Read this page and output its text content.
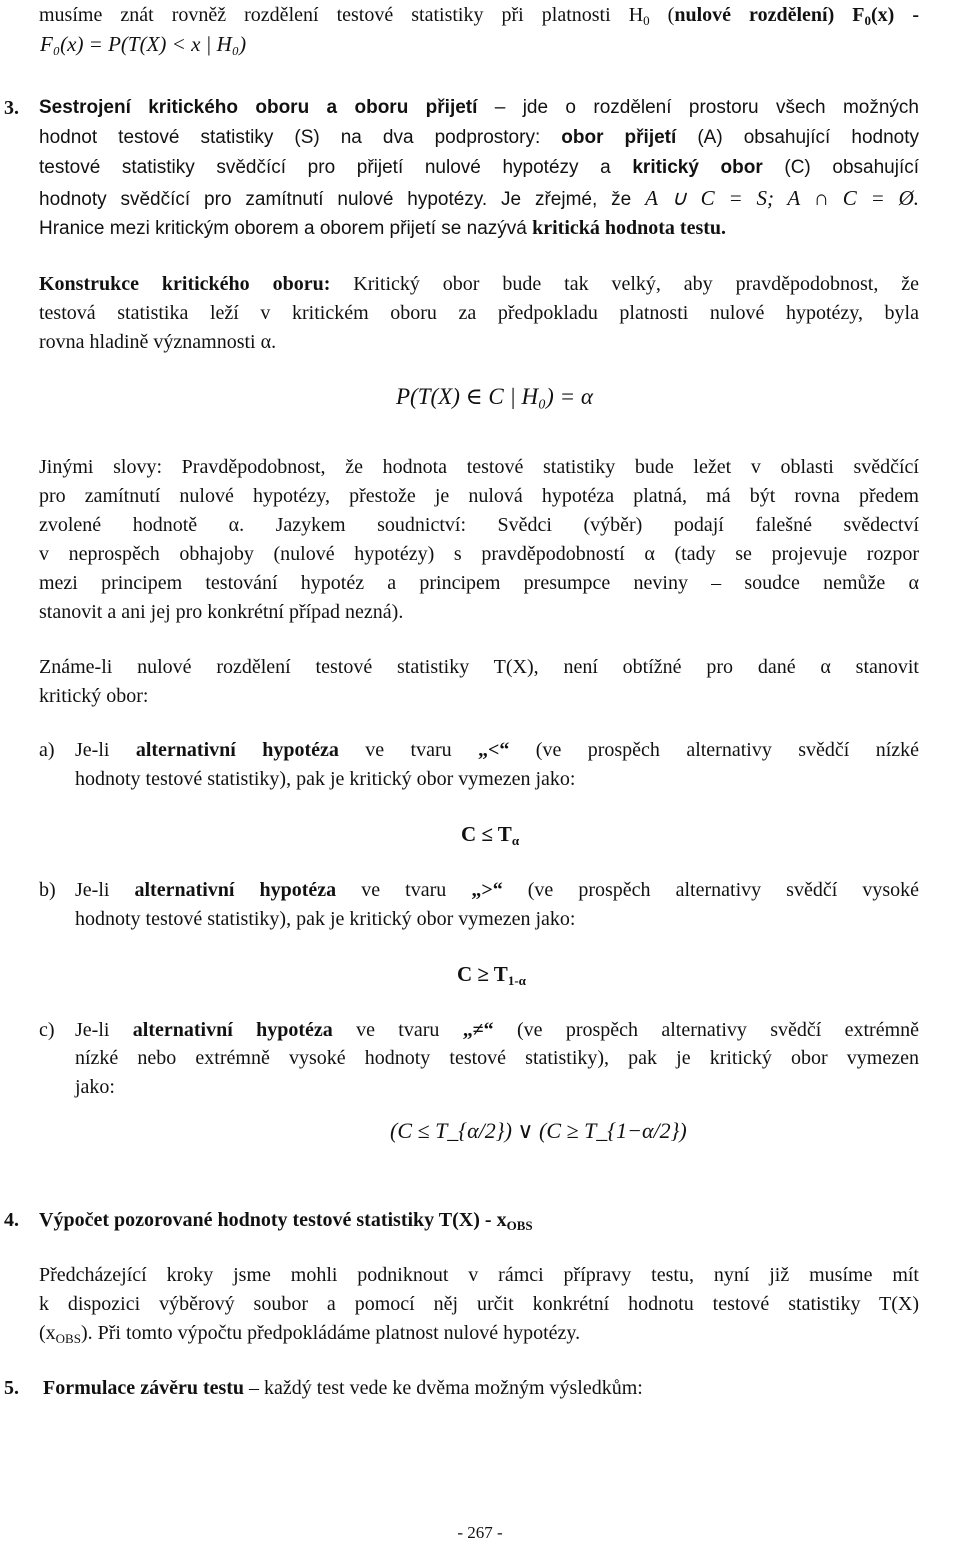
musíme znát rovněž rozdělení testové statistiky při platnosti $H_0$ (nulové rozdělení) $F_0(x)$ -
F₀(x) = P(T(X) < x | H₀)
3. Sestrojení kritického oboru a oboru přijetí – jde o rozdělení prostoru všech možných
hodnot testové statistiky (S) na dva podprostory: obor přijetí (A) obsahující hodnoty
testové statistiky svědčící pro přijetí nulové hypotézy a kritický obor (C) obsahující
hodnoty svědčící pro zamítnutí nulové hypotézy. Je zřejmé, že A ∪ C = S; A ∩ C = Ø.
Hranice mezi kritickým oborem a oborem přijetí se nazývá kritická hodnota testu.
Konstrukce kritického oboru: Kritický obor bude tak velký, aby pravděpodobnost, že
testová statistika leží v kritickém oboru za předpokladu platnosti nulové hypotézy, byla
rovna hladině významnosti α.
P(T(X) ∈ C | H₀) = α
Jinými slovy: Pravděpodobnost, že hodnota testové statistiky bude ležet v oblasti svědčící
pro zamítnutí nulové hypotézy, přestože je nulová hypotéza platná, má být rovna předem
zvolené hodnotě α. Jazykem soudnictví: Svědci (výběr) podají falešné svědectví
v neprospěch obhajoby (nulové hypotézy) s pravděpodobností α (tady se projevuje rozpor
mezi principem testování hypotéz a principem presumpce neviny – soudce nemůže α
stanovit a ani jej pro konkrétní případ nezná).
Známe-li nulové rozdělení testové statistiky T(X), není obtížné pro dané α stanovit
kritický obor:
a)	Je-li alternativní hypotéza ve tvaru „<“ (ve prospěch alternativy svědčí nízké
hodnoty testové statistiky), pak je kritický obor vymezen jako:
$C \le T_\alpha$
b) Je-li alternativní hypotéza ve tvaru „>“ (ve prospěch alternativy svědčí vysoké
hodnoty testové statistiky), pak je kritický obor vymezen jako:
$C \ge T_{1-\alpha}$
c)	Je-li alternativní hypotéza ve tvaru „≠“ (ve prospěch alternativy svědčí extrémně
nízké nebo extrémně vysoké hodnoty testové statistiky), pak je kritický obor vymezen
jako:
(C ≤ T_{α/2}) ∨ (C ≥ T_{1−α/2})
4.	Výpočet pozorované hodnoty testové statistiky $T(X) - x_{OBS}$
Předcházející kroky jsme mohli podniknout v rámci přípravy testu, nyní již musíme mít
k dispozici výběrový soubor a pomocí něj určit konkrétní hodnotu testové statistiky T(X)
$(x_{OBS})$. Při tomto výpočtu předpokládáme platnost nulové hypotézy.
5.	Formulace závěru testu – každý test vede ke dvěma možným výsledkům:
- 267 -
